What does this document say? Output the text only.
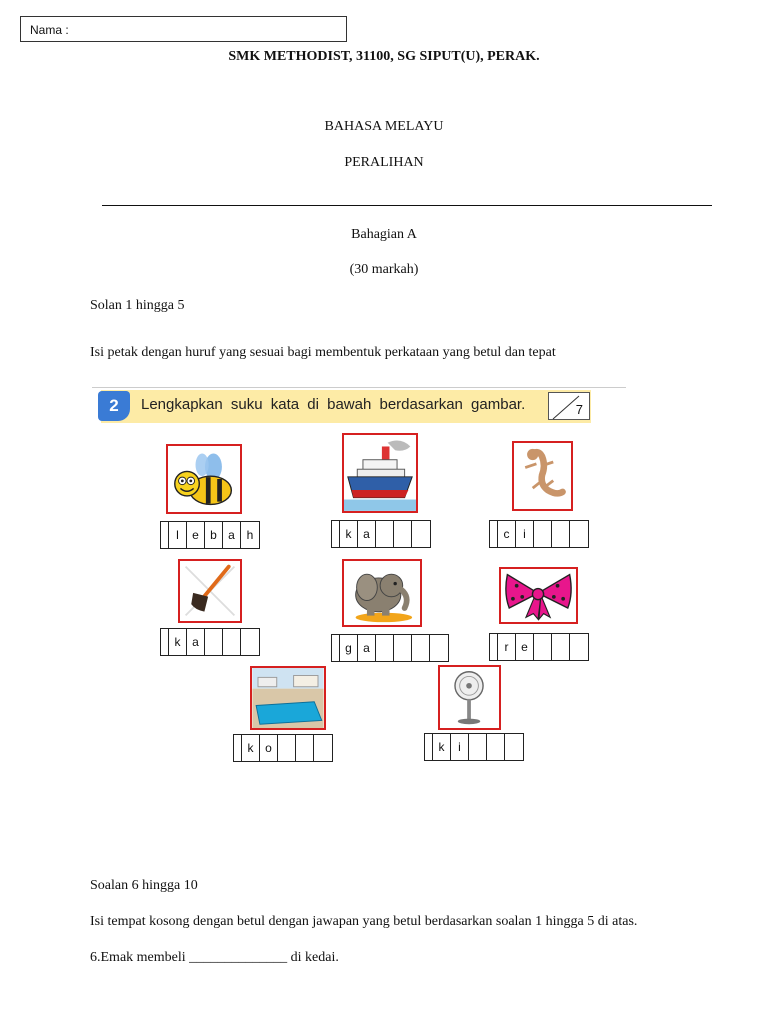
Nama :
SMK METHODIST, 31100, SG SIPUT(U), PERAK.
BAHASA MELAYU
PERALIHAN
Bahagian A
(30 markah)
Solan 1 hingga 5
Isi petak dengan huruf yang sesuai bagi membentuk perkataan yang betul dan tepat
2	Lengkapkan suku kata di bawah berdasarkan gambar.	7
l	e b a h	k a	c	i
k a	g a	r	e
k o	k	i
Soalan 6 hingga 10
Isi tempat kosong dengan betul dengan jawapan yang betul berdasarkan soalan 1 hingga 5 di atas.
6.Emak membeli ______________ di kedai.
